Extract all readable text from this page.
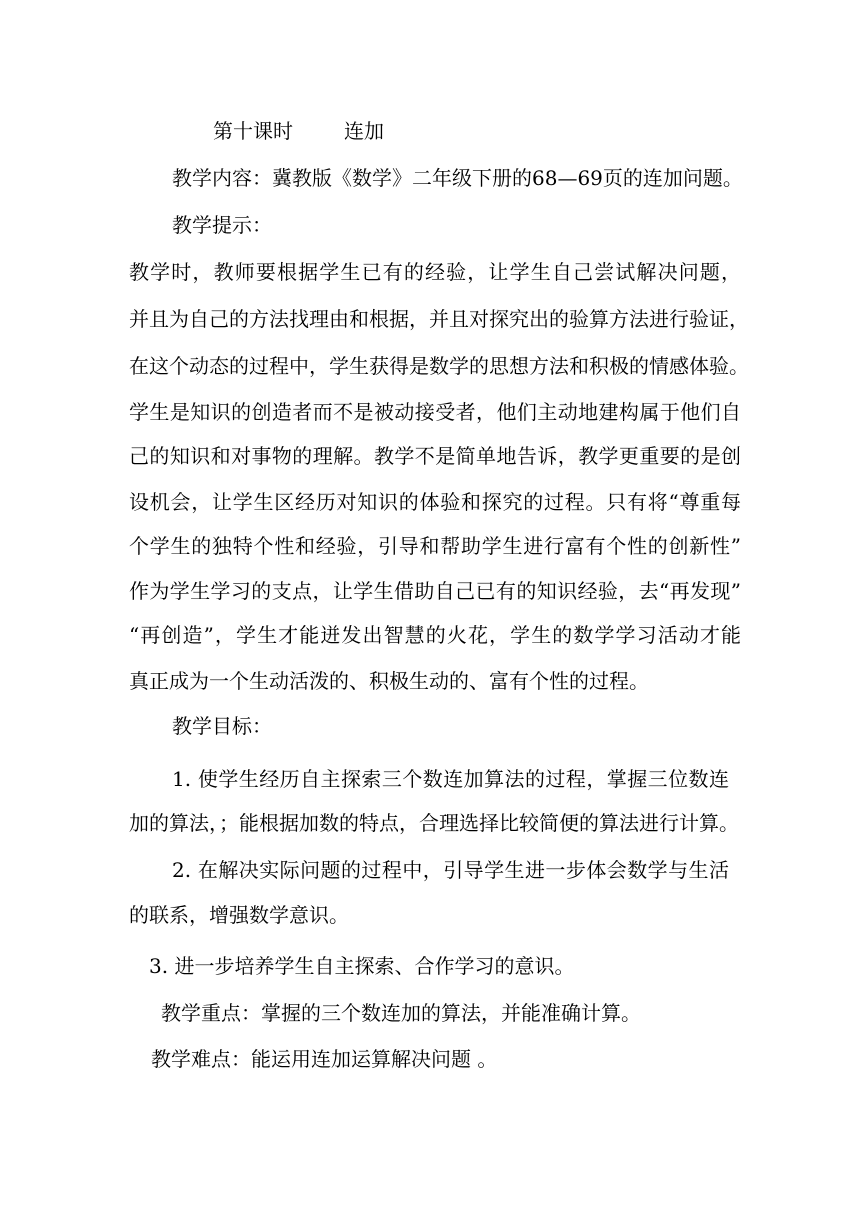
第十课时	连加
教学内容：冀教版《数学》二年级下册的68—69页的连加问题。
教学提示：
教学时，教师要根据学生已有的经验，让学生自己尝试解决问题，
并且为自己的方法找理由和根据，并且对探究出的验算方法进行验证，
在这个动态的过程中，学生获得是数学的思想方法和积极的情感体验。
学生是知识的创造者而不是被动接受者，他们主动地建构属于他们自
己的知识和对事物的理解。教学不是简单地告诉，教学更重要的是创
设机会，让学生区经历对知识的体验和探究的过程。只有将“尊重每
个学生的独特个性和经验，引导和帮助学生进行富有个性的创新性”
作为学生学习的支点，让学生借助自己已有的知识经验，去“再发现”
“再创造”，学生才能迸发出智慧的火花，学生的数学学习活动才能
真正成为一个生动活泼的、积极生动的、富有个性的过程。
教学目标：
1. 使学生经历自主探索三个数连加算法的过程，掌握三位数连
加的算法，；能根据加数的特点，合理选择比较简便的算法进行计算。
2. 在解决实际问题的过程中，引导学生进一步体会数学与生活
的联系，增强数学意识。
3. 进一步培养学生自主探索、合作学习的意识。
教学重点：掌握的三个数连加的算法，并能准确计算。
教学难点：能运用连加运算解决问题 。
